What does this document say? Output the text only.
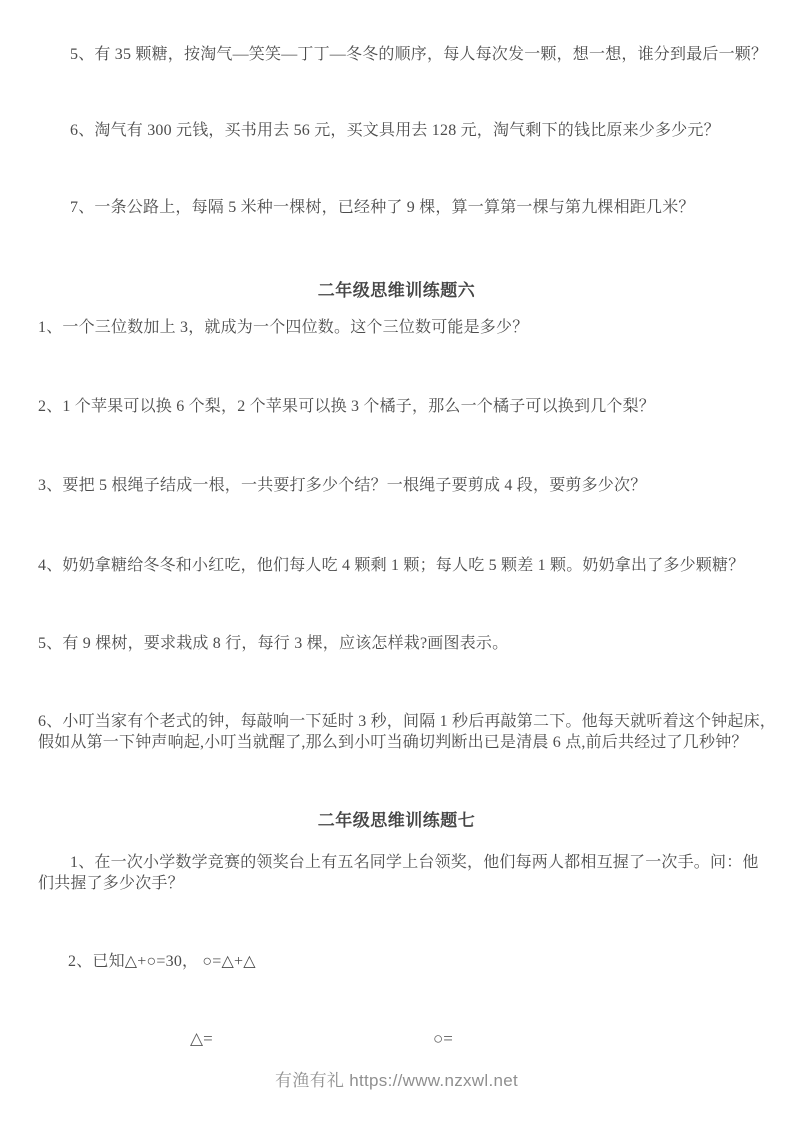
5、有 35 颗糖，按淘气—笑笑—丁丁—冬冬的顺序，每人每次发一颗，想一想，谁分到最后一颗？
6、淘气有 300 元钱，买书用去 56 元，买文具用去 128 元，淘气剩下的钱比原来少多少元？
7、一条公路上，每隔 5 米种一棵树，已经种了 9 棵，算一算第一棵与第九棵相距几米？
二年级思维训练题六
1、一个三位数加上 3，就成为一个四位数。这个三位数可能是多少？
2、1 个苹果可以换 6 个梨，2 个苹果可以换 3 个橘子，那么一个橘子可以换到几个梨？
3、要把 5 根绳子结成一根，一共要打多少个结？一根绳子要剪成 4 段，要剪多少次？
4、奶奶拿糖给冬冬和小红吃，他们每人吃 4 颗剩 1 颗；每人吃 5 颗差 1 颗。奶奶拿出了多少颗糖？
5、有 9 棵树，要求栽成 8 行，每行 3 棵，应该怎样栽?画图表示。
6、小叮当家有个老式的钟，每敲响一下延时 3 秒，间隔 1 秒后再敲第二下。他每天就听着这个钟起床，
假如从第一下钟声响起,小叮当就醒了,那么到小叮当确切判断出已是清晨 6 点,前后共经过了几秒钟？
二年级思维训练题七
1、在一次小学数学竞赛的领奖台上有五名同学上台领奖，他们每两人都相互握了一次手。问：他
们共握了多少次手？
2、已知△+○=30， ○=△+△
△=	○=
有渔有礼 https://www.nzxwl.net
